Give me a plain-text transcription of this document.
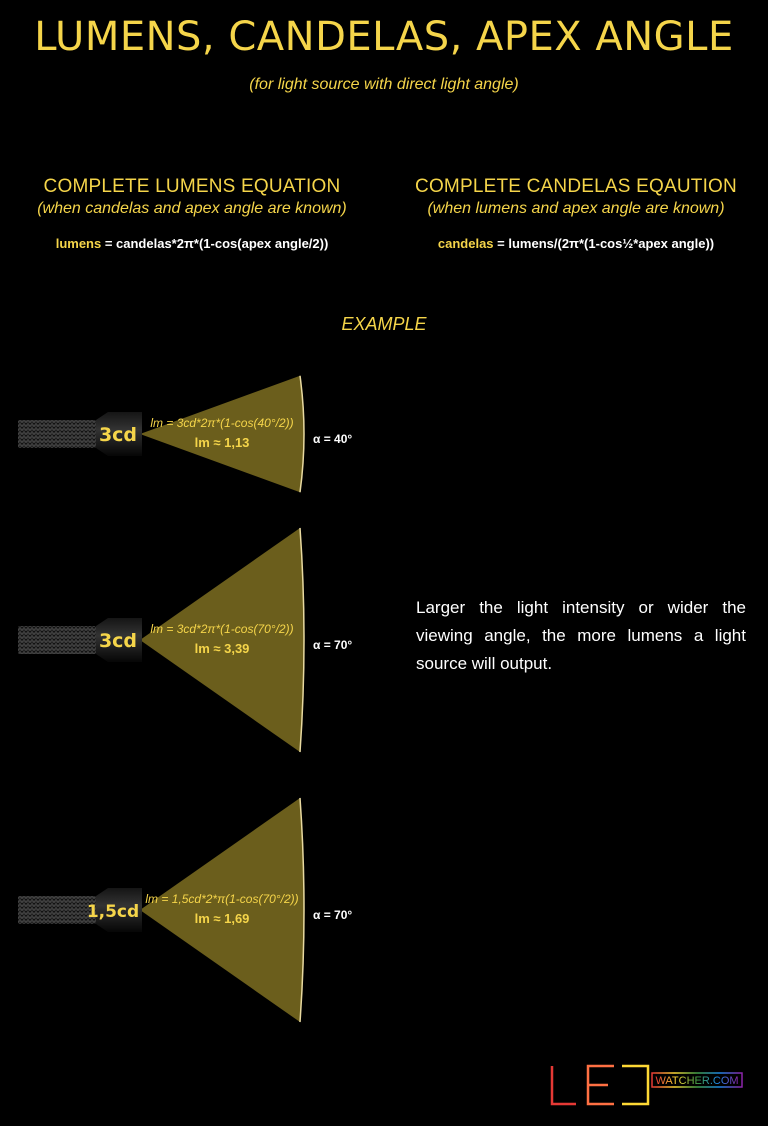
LUMENS, CANDELAS, APEX ANGLE
(for light source with direct light angle)
COMPLETE LUMENS EQUATION
(when candelas and apex angle are known)
lumens = candelas*2π*(1-cos(apex angle/2))
COMPLETE CANDELAS EQAUTION
(when lumens and apex angle are known)
candelas = lumens/(2π*(1-cos½*apex angle))
EXAMPLE
3cd
lm = 3cd*2π*(1-cos(40°/2))
lm ≈ 1,13	α = 40°
3cd
lm = 3cd*2π*(1-cos(70°/2))
lm ≈ 3,39	α = 70°
1,5cd
lm = 1,5cd*2*π(1-cos(70°/2))
lm ≈ 1,69	α = 70°
Larger the light intensity or wider the viewing angle, the more lumens a light source will output.
WATCHER.COM
